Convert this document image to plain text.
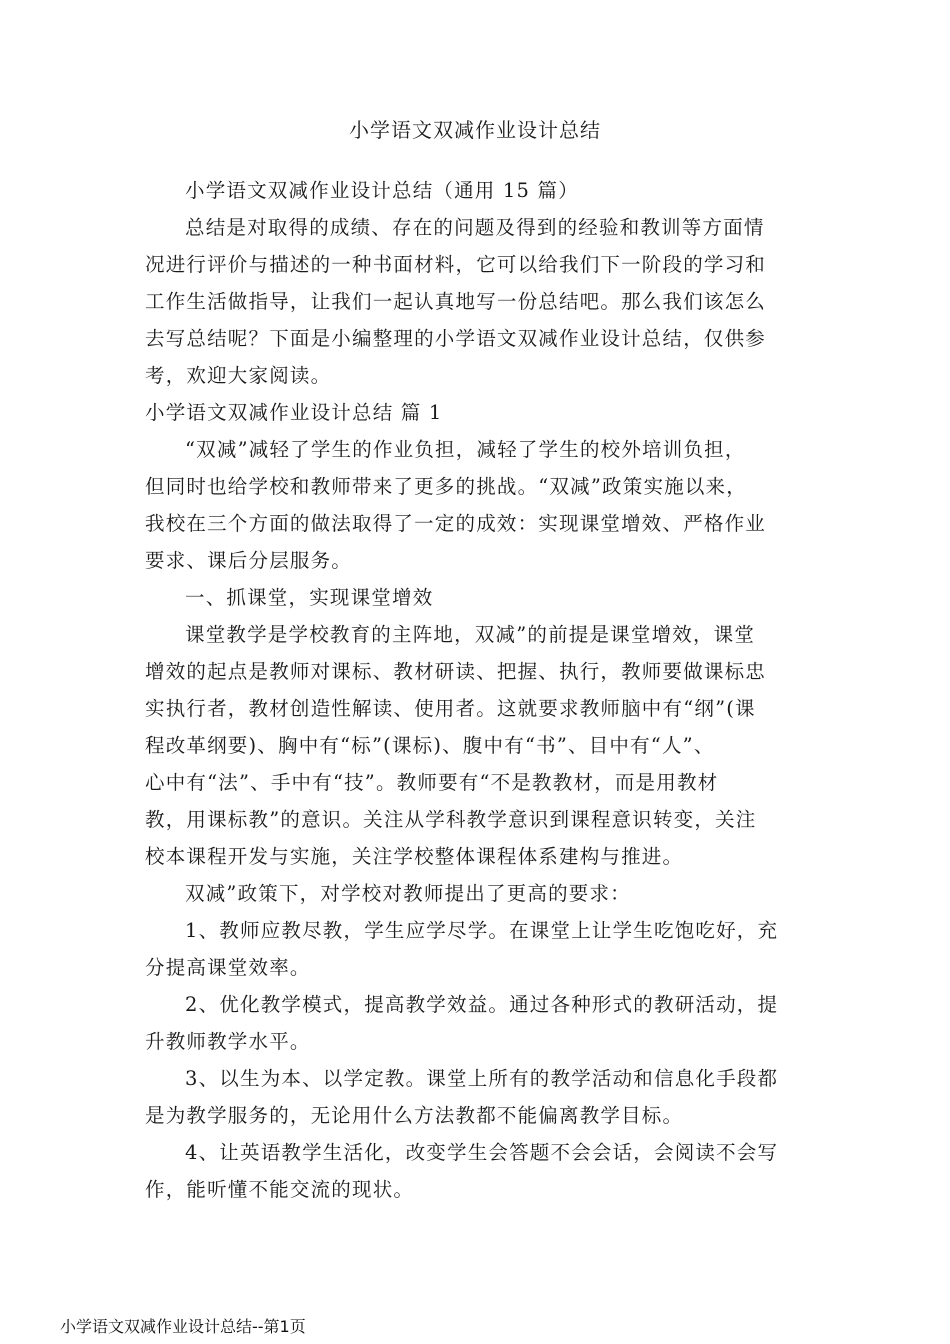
小学语文双减作业设计总结
小学语文双减作业设计总结（通用 15 篇）
总结是对取得的成绩、存在的问题及得到的经验和教训等方面情
况进行评价与描述的一种书面材料，它可以给我们下一阶段的学习和
工作生活做指导，让我们一起认真地写一份总结吧。那么我们该怎么
去写总结呢？下面是小编整理的小学语文双减作业设计总结，仅供参
考，欢迎大家阅读。
小学语文双减作业设计总结 篇 1
“双减”减轻了学生的作业负担，减轻了学生的校外培训负担，
但同时也给学校和教师带来了更多的挑战。“双减”政策实施以来，
我校在三个方面的做法取得了一定的成效：实现课堂增效、严格作业
要求、课后分层服务。
一、抓课堂，实现课堂增效
课堂教学是学校教育的主阵地，双减”的前提是课堂增效，课堂
增效的起点是教师对课标、教材研读、把握、执行，教师要做课标忠
实执行者，教材创造性解读、使用者。这就要求教师脑中有“纲”(课
程改革纲要)、胸中有“标”(课标)、腹中有“书”、目中有“人”、
心中有“法”、手中有“技”。教师要有“不是教教材，而是用教材
教，用课标教”的意识。关注从学科教学意识到课程意识转变，关注
校本课程开发与实施，关注学校整体课程体系建构与推进。
双减”政策下，对学校对教师提出了更高的要求：
1、教师应教尽教，学生应学尽学。在课堂上让学生吃饱吃好，充
分提高课堂效率。
2、优化教学模式，提高教学效益。通过各种形式的教研活动，提
升教师教学水平。
3、以生为本、以学定教。课堂上所有的教学活动和信息化手段都
是为教学服务的，无论用什么方法教都不能偏离教学目标。
4、让英语教学生活化，改变学生会答题不会会话，会阅读不会写
作，能听懂不能交流的现状。
小学语文双减作业设计总结--第1页
